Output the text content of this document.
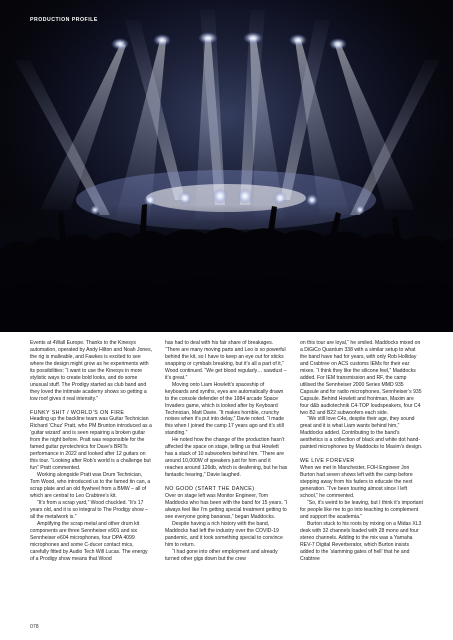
PRODUCTION PROFILE

Events at 4Wall Europe. Thanks to the Kinesys automation, operated by Andy Hilton and Noah Jones, the rig is malleable, and Fawkes is excited to see where the design might grow as he experiments with its possibilities: “I want to use the Kinesys in more stylistic ways to create bold looks, and do some unusual stuff. The Prodigy started as club band and they loved the intimate academy shows so getting a low roof gives it real intensity.”

FUNKY SHIT / WORLD’S ON FIRE

Heading up the backline team was Guitar Technician Richard ‘Chuz’ Pratt, who PM Brunton introduced as a ‘guitar wizard’ and is seen repairing a broken guitar from the night before. Pratt was responsible for the famed guitar pyrotechnics for Dave’s BRITs performance in 2022 and looked after 12 guitars on this tour. “Looking after Rob’s world is a challenge but fun” Pratt commented.

Working alongside Pratt was Drum Technician, Tom Wood, who introduced us to the famed tin can, a scrap plate and an old flywheel from a BMW – all of which are central to Leo Crabtree’s kit.

“It’s from a scrap yard,” Wood chuckled. “It’s 17 years old, and it is so integral to The Prodigy show – all the metalwork is.”

Amplifying the scrap metal and other drum kit components are three Sennheiser e901 and six Sennheiser e604 microphones, four DPA 4099 microphones and some C-ducer contact mics, carefully fitted by Audio Tech Will Lucas. The energy of a Prodigy show means that Wood

has had to deal with his fair share of breakages. “There are many moving parts and Leo is so powerful behind the kit, so I have to keep an eye out for sticks snapping or cymbals breaking, but it’s all a part of it,” Wood continued. “We get blood regularly… sawdust – it’s great.”

Moving onto Liam Howlett’s spaceship of keyboards and synths, eyes are automatically drawn to the console defender of the 1984 arcade Space Invaders game, which is looked after by Keyboard Technician, Matt Davie. “It makes horrible, crunchy noises when it’s put into delay,” Davie noted. “I made this when I joined the camp 17 years ago and it’s still standing.”

He noted how the change of the production hasn’t affected the space on stage, telling us that Howlett has a stack of 10 subwoofers behind him. “There are around 10,000W of speakers just for him and it reaches around 126db, which is deafening, but he has fantastic hearing,” Davie laughed.

NO GOOD (START THE DANCE)

Over on stage left was Monitor Engineer, Tom Maddocks who has been with the band for 15 years. “I always feel like I’m getting special treatment getting to see everyone going bananas,” began Maddocks.

Despite having a rich history with the band, Maddocks had left the industry over the COVID-19 pandemic, and it took something special to convince him to return.

“I had gone into other employment and already turned other gigs down but the crew

on this tour are loyal,” he smiled. Maddocks mixed on a DiGiCo Quantum 338 with a similar setup to what the band have had for years, with only Rob Holliday and Crabtree on ACS customs IEMs for their ear mixes. “I think they like the silicone feel,” Maddocks added. For IEM transmission and RF, the camp utilised the Sennheiser 2000 Series MMD 935 Capsule and for radio microphones, Sennheiser’s 935 Capsule. Behind Howlett and frontman, Maxim are four d&b audiotechnik C4-TOP loudspeakers, four C4 two B2 and B22 subwoofers each side.

“We still love C4s, despite their age, they sound great and it is what Liam wants behind him,” Maddocks added. Contributing to the band’s aesthetics is a collection of black and white dot hand-painted microphones by Maddocks to Maxim’s design.

WE LIVE FOREVER

When we met in Manchester, FOH Engineer Jon Burton had seven shows left with the camp before stepping away from his faders to educate the next generation. “I’ve been touring almost since I left school,” he commented.

“So, it’s weird to be leaving, but I think it’s important for people like me to go into teaching to complement and support the academia.”

Burton stuck to his roots by mixing on a Midas XL3 desk with 32 channels loaded with 28 mono and four stereo channels. Adding to the mix was a Yamaha REV-7 Digital Reverberator, which Burton insists added to the ‘slamming gates of hell’ that he and Crabtree

078
